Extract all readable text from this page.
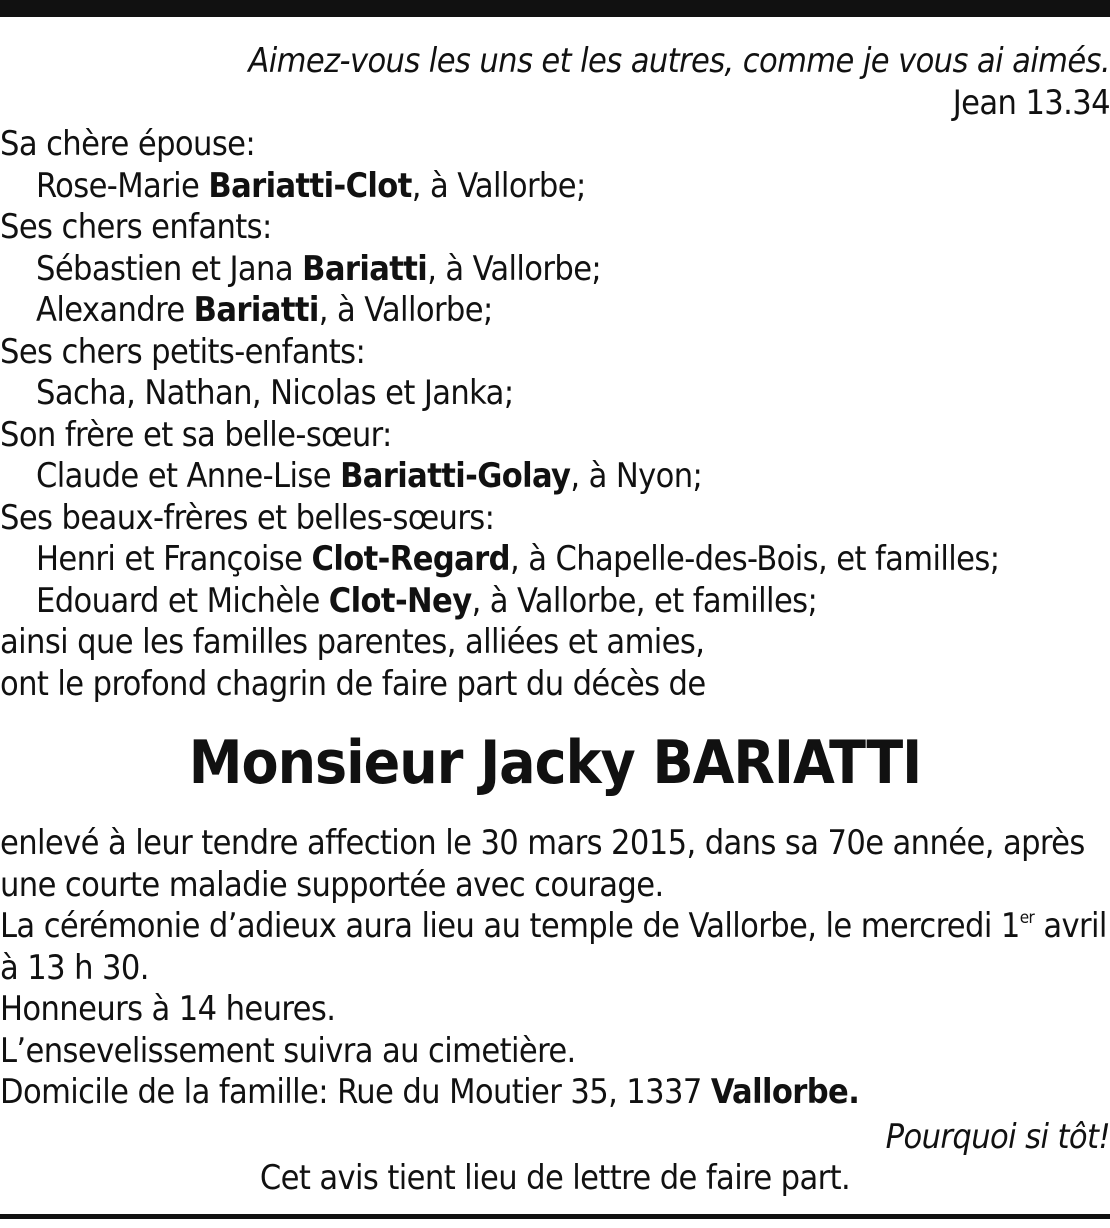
Aimez-vous les uns et les autres, comme je vous ai aimés.
Jean 13.34
Sa chère épouse:
Rose-Marie Bariatti-Clot, à Vallorbe;
Ses chers enfants:
Sébastien et Jana Bariatti, à Vallorbe;
Alexandre Bariatti, à Vallorbe;
Ses chers petits-enfants:
Sacha, Nathan, Nicolas et Janka;
Son frère et sa belle-sœur:
Claude et Anne-Lise Bariatti-Golay, à Nyon;
Ses beaux-frères et belles-sœurs:
Henri et Françoise Clot-Regard, à Chapelle-des-Bois, et familles;
Edouard et Michèle Clot-Ney, à Vallorbe, et familles;
ainsi que les familles parentes, alliées et amies,
ont le profond chagrin de faire part du décès de
Monsieur Jacky BARIATTI
enlevé à leur tendre affection le 30 mars 2015, dans sa 70e année, après
une courte maladie supportée avec courage.
La cérémonie d’adieux aura lieu au temple de Vallorbe, le mercredi 1er avril
à 13 h 30.
Honneurs à 14 heures.
L’ensevelissement suivra au cimetière.
Domicile de la famille: Rue du Moutier 35, 1337 Vallorbe.
Pourquoi si tôt!
Cet avis tient lieu de lettre de faire part.
